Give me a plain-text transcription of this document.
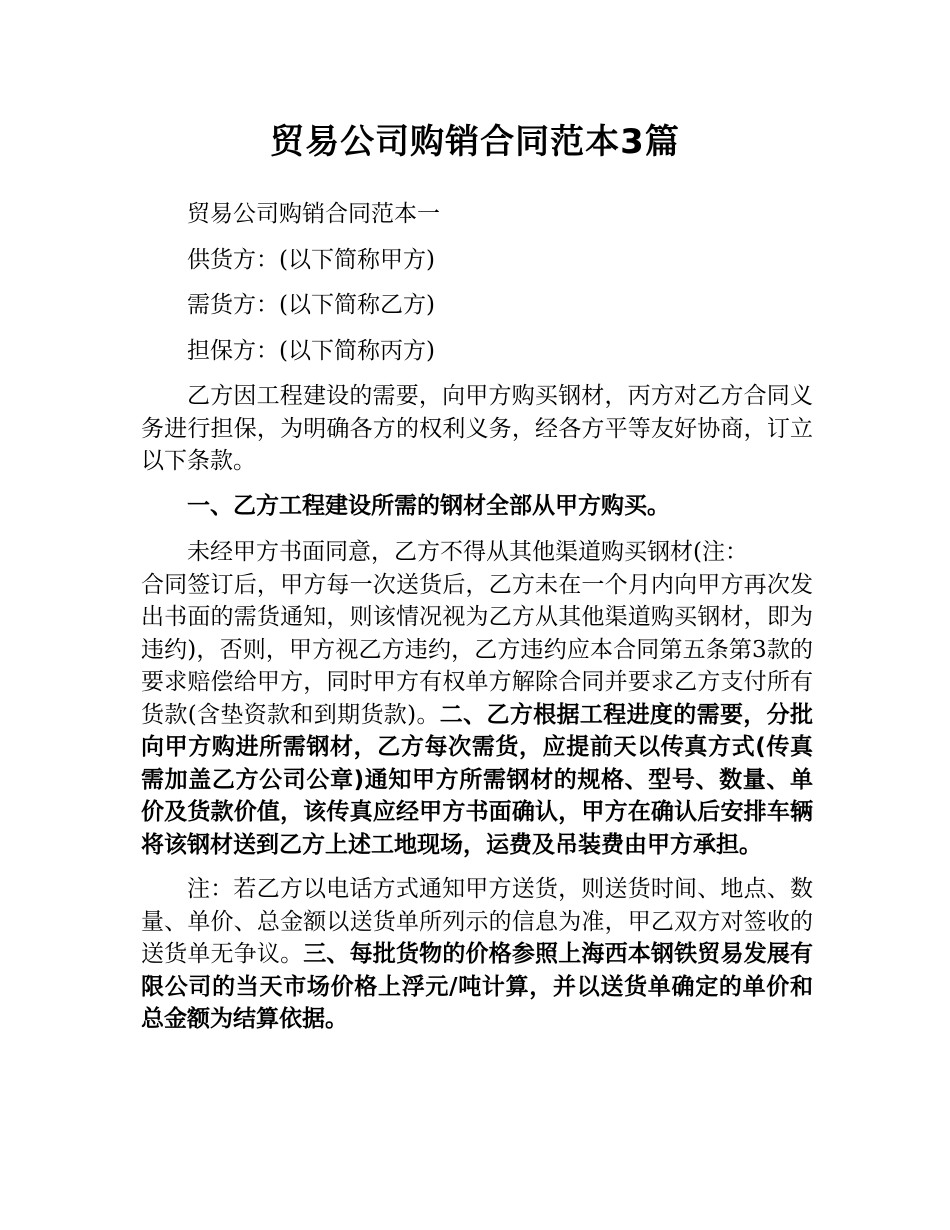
贸易公司购销合同范本3篇

贸易公司购销合同范本一

供货方：(以下简称甲方)

需货方：(以下简称乙方)

担保方：(以下简称丙方)

乙方因工程建设的需要，向甲方购买钢材，丙方对乙方合同义务进行担保，为明确各方的权利义务，经各方平等友好协商，订立以下条款。

一、乙方工程建设所需的钢材全部从甲方购买。

未经甲方书面同意，乙方不得从其他渠道购买钢材(注：
合同签订后，甲方每一次送货后，乙方未在一个月内向甲方再次发出书面的需货通知，则该情况视为乙方从其他渠道购买钢材，即为违约)，否则，甲方视乙方违约，乙方违约应本合同第五条第3款的要求赔偿给甲方，同时甲方有权单方解除合同并要求乙方支付所有货款(含垫资款和到期货款)。二、乙方根据工程进度的需要，分批向甲方购进所需钢材，乙方每次需货，应提前天以传真方式(传真需加盖乙方公司公章)通知甲方所需钢材的规格、型号、数量、单价及货款价值，该传真应经甲方书面确认，甲方在确认后安排车辆将该钢材送到乙方上述工地现场，运费及吊装费由甲方承担。

注：若乙方以电话方式通知甲方送货，则送货时间、地点、数量、单价、总金额以送货单所列示的信息为准，甲乙双方对签收的送货单无争议。三、每批货物的价格参照上海西本钢铁贸易发展有限公司的当天市场价格上浮元/吨计算，并以送货单确定的单价和总金额为结算依据。
